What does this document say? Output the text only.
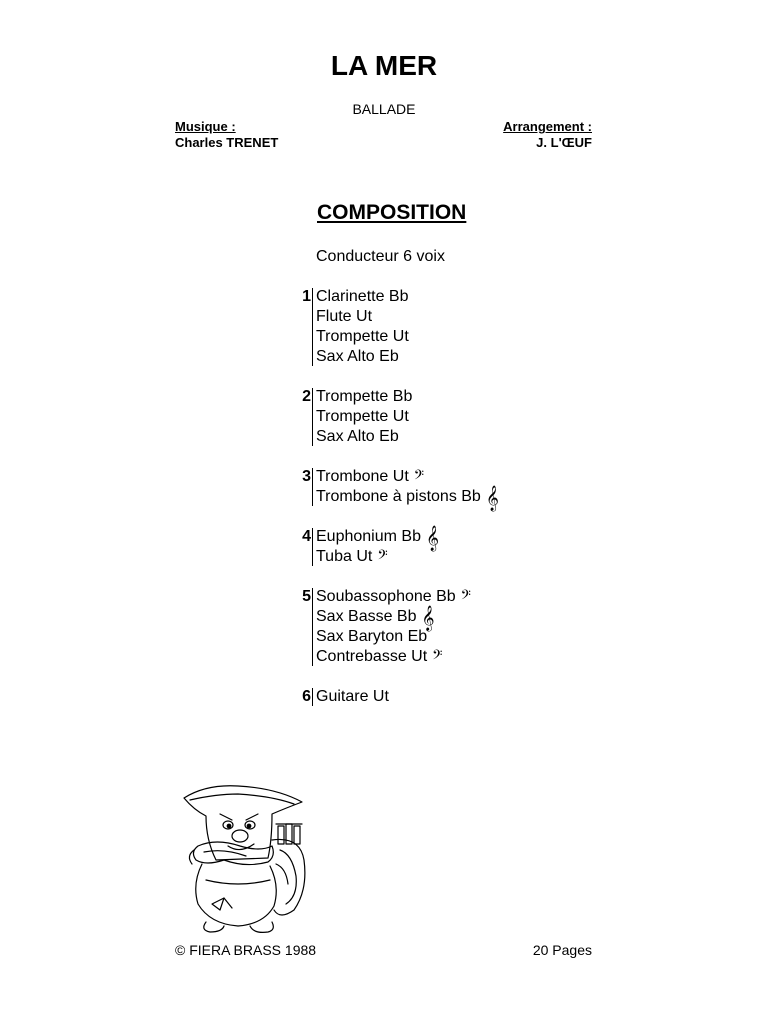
LA MER
BALLADE
Musique :
Charles TRENET
Arrangement :
J. L'ŒUF
COMPOSITION
Conducteur 6 voix
1 Clarinette Bb
Flute Ut
Trompette Ut
Sax Alto Eb
2 Trompette Bb
Trompette Ut
Sax Alto Eb
3 Trombone Ut 𝄢
Trombone à pistons Bb 𝄞
4 Euphonium Bb 𝄞
Tuba Ut 𝄢
5 Soubassophone Bb 𝄢
Sax Basse Bb 𝄞
Sax Baryton Eb
Contrebasse Ut 𝄢
6 Guitare Ut
© FIERA BRASS 1988	20 Pages
